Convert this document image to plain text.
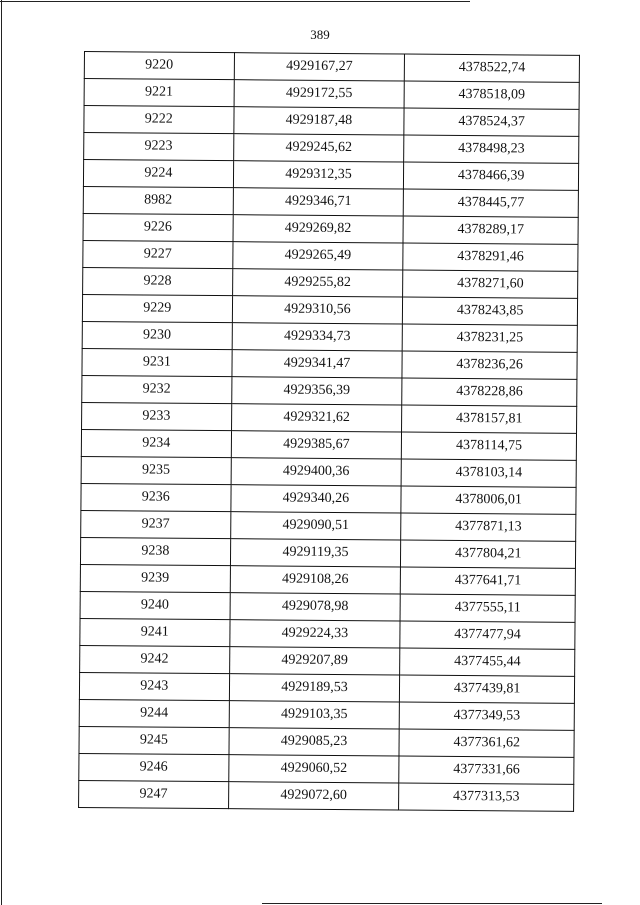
389
9220	4929167,27	4378522,74
9221	4929172,55	4378518,09
9222	4929187,48	4378524,37
9223	4929245,62	4378498,23
9224	4929312,35	4378466,39
8982	4929346,71	4378445,77
9226	4929269,82	4378289,17
9227	4929265,49	4378291,46
9228	4929255,82	4378271,60
9229	4929310,56	4378243,85
9230	4929334,73	4378231,25
9231	4929341,47	4378236,26
9232	4929356,39	4378228,86
9233	4929321,62	4378157,81
9234	4929385,67	4378114,75
9235	4929400,36	4378103,14
9236	4929340,26	4378006,01
9237	4929090,51	4377871,13
9238	4929119,35	4377804,21
9239	4929108,26	4377641,71
9240	4929078,98	4377555,11
9241	4929224,33	4377477,94
9242	4929207,89	4377455,44
9243	4929189,53	4377439,81
9244	4929103,35	4377349,53
9245	4929085,23	4377361,62
9246	4929060,52	4377331,66
9247	4929072,60	4377313,53
